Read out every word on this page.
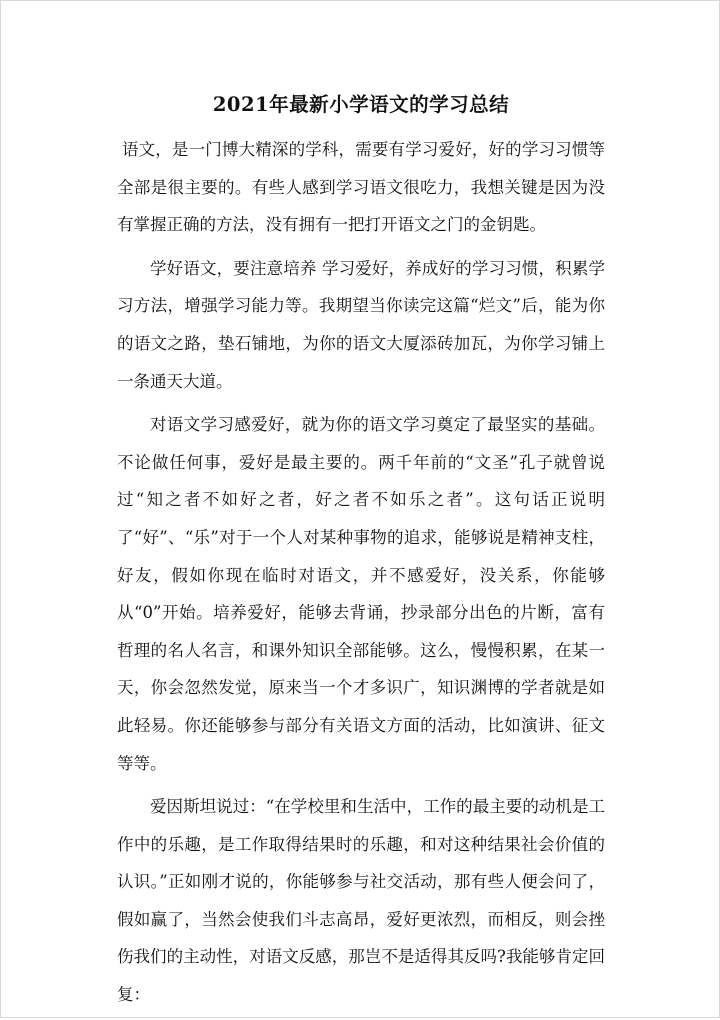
2021年最新小学语文的学习总结

语文，是一门博大精深的学科，需要有学习爱好，好的学习习惯等全部是很主要的。有些人感到学习语文很吃力，我想关键是因为没有掌握正确的方法，没有拥有一把打开语文之门的金钥匙。

学好语文，要注意培养 学习爱好，养成好的学习习惯，积累学习方法，增强学习能力等。我期望当你读完这篇“烂文”后，能为你的语文之路，垫石铺地，为你的语文大厦添砖加瓦，为你学习铺上一条通天大道。

对语文学习感爱好，就为你的语文学习奠定了最坚实的基础。不论做任何事，爱好是最主要的。两千年前的“文圣”孔子就曾说过“知之者不如好之者，好之者不如乐之者”。这句话正说明了“好”、“乐”对于一个人对某种事物的追求，能够说是精神支柱，好友，假如你现在临时对语文，并不感爱好，没关系，你能够从“0”开始。培养爱好，能够去背诵，抄录部分出色的片断，富有哲理的名人名言，和课外知识全部能够。这么，慢慢积累，在某一天，你会忽然发觉，原来当一个才多识广，知识渊博的学者就是如此轻易。你还能够参与部分有关语文方面的活动，比如演讲、征文等等。

爱因斯坦说过：“在学校里和生活中，工作的最主要的动机是工作中的乐趣，是工作取得结果时的乐趣，和对这种结果社会价值的认识。”正如刚才说的，你能够参与社交活动，那有些人便会问了，假如赢了，当然会使我们斗志高昂，爱好更浓烈，而相反，则会挫伤我们的主动性，对语文反感，那岂不是适得其反吗?我能够肯定回复：
